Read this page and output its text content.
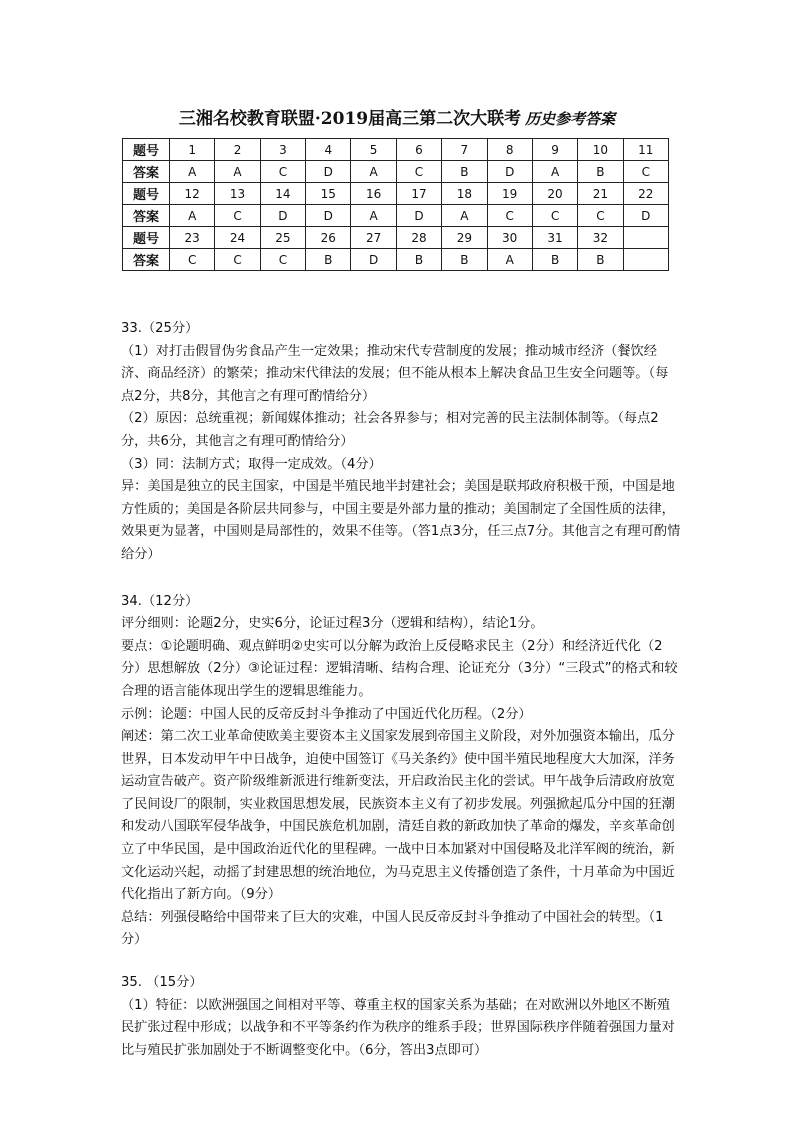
三湘名校教育联盟·2019届高三第二次大联考 历史参考答案
题号	1	2	3	4	5	6	7	8	9	10	11
答案	A	A	C	D	A	C	B	D	A	B	C
题号	12	13	14	15	16	17	18	19	20	21	22
答案	A	C	D	D	A	D	A	C	C	C	D
题号	23	24	25	26	27	28	29	30	31	32	
答案	C	C	C	B	D	B	B	A	B	B	

33.（25分）

（1）对打击假冒伪劣食品产生一定效果；推动宋代专营制度的发展；推动城市经济（餐饮经济、商品经济）的繁荣；推动宋代律法的发展；但不能从根本上解决食品卫生安全问题等。（每点2分，共8分，其他言之有理可酌情给分）

（2）原因：总统重视；新闻媒体推动；社会各界参与；相对完善的民主法制体制等。（每点2分，共6分，其他言之有理可酌情给分）

（3）同：法制方式；取得一定成效。（4分）

异：美国是独立的民主国家，中国是半殖民地半封建社会；美国是联邦政府积极干预，中国是地方性质的；美国是各阶层共同参与，中国主要是外部力量的推动；美国制定了全国性质的法律，效果更为显著，中国则是局部性的，效果不佳等。（答1点3分，任三点7分。其他言之有理可酌情给分）

34.（12分）

评分细则：论题2分，史实6分，论证过程3分（逻辑和结构），结论1分。

要点：①论题明确、观点鲜明②史实可以分解为政治上反侵略求民主（2分）和经济近代化（2分）思想解放（2分）③论证过程：逻辑清晰、结构合理、论证充分（3分）“三段式”的格式和较合理的语言能体现出学生的逻辑思维能力。

示例：论题：中国人民的反帝反封斗争推动了中国近代化历程。（2分）

阐述：第二次工业革命使欧美主要资本主义国家发展到帝国主义阶段，对外加强资本输出，瓜分世界，日本发动甲午中日战争，迫使中国签订《马关条约》使中国半殖民地程度大大加深，洋务运动宣告破产。资产阶级维新派进行维新变法，开启政治民主化的尝试。甲午战争后清政府放宽了民间设厂的限制，实业救国思想发展，民族资本主义有了初步发展。列强掀起瓜分中国的狂潮和发动八国联军侵华战争，中国民族危机加剧，清廷自救的新政加快了革命的爆发，辛亥革命创立了中华民国，是中国政治近代化的里程碑。一战中日本加紧对中国侵略及北洋军阀的统治，新文化运动兴起，动摇了封建思想的统治地位，为马克思主义传播创造了条件，十月革命为中国近代化指出了新方向。（9分）

总结：列强侵略给中国带来了巨大的灾难，中国人民反帝反封斗争推动了中国社会的转型。（1分）

35. （15分）

（1）特征：以欧洲强国之间相对平等、尊重主权的国家关系为基础；在对欧洲以外地区不断殖民扩张过程中形成；以战争和不平等条约作为秩序的维系手段；世界国际秩序伴随着强国力量对比与殖民扩张加剧处于不断调整变化中。（6分，答出3点即可）
